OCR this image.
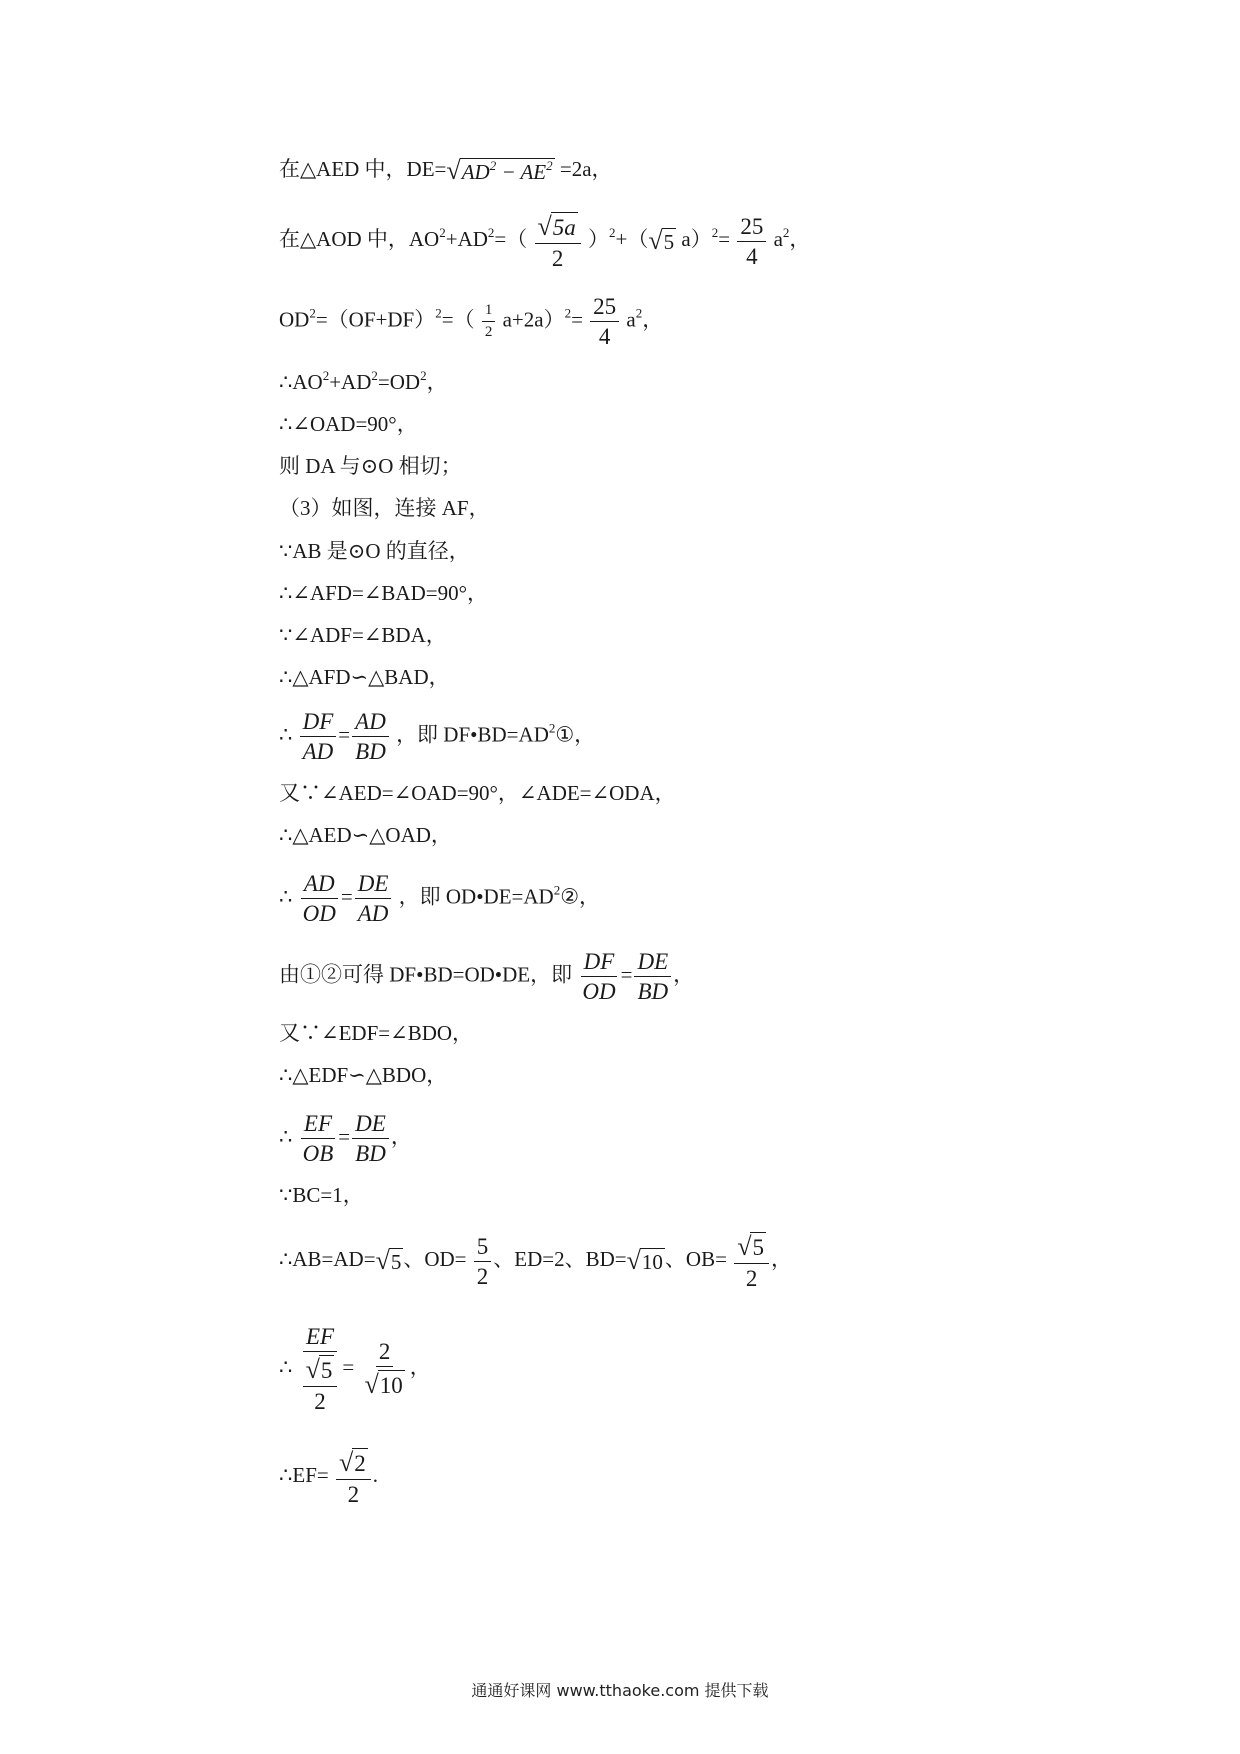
在△AED 中，DE= √ $AD^2 - AE^2 =2a$，
在△AOD 中，$AO^2+AD^2=( \frac{√ 5a}{2} )^2+$（ √ 5 $a)^2= \frac{25}{4} a^2$，
$OD^2=(OF+DF)^2=( \frac{1}{2} a+2a)^2= \frac{25}{4} a^2$，
$\therefore AO^2+AD^2=OD^2$，
∴∠OAD=90°，
则 DA 与⊙O 相切；
（3）如图，连接 AF，
∵AB 是⊙O 的直径，
∴∠AFD=∠BAD=90°，
∵∠ADF=∠BDA，
∴△AFD∽△BAD，
∴ $\frac{DF}{AD} = \frac{AD}{BD}$ ，即 $DF•BD=AD^2①$，
又∵∠AED=∠OAD=90°，∠ADE=∠ODA，
∴△AED∽△OAD，
∴ $\frac{AD}{OD} = \frac{DE}{AD}$ ，即 $OD•DE=AD^2②$，
由①②可得 DF•BD=OD•DE，即 $\frac{DF}{OD} = \frac{DE}{BD}$ ，
又∵∠EDF=∠BDO，
∴△EDF∽△BDO，
∴ $\frac{EF}{OB} = \frac{DE}{BD}$ ，
∵BC=1，
∴AB=AD= √ 5 、$OD= \frac{5}{2}$ 、ED=2、BD= √ 10 、$OB= \frac{√ 5}{2}$ ，
∴ $\frac{EF}{\frac{√ 5}{2}} = \frac{2}{√ 10}$ ，
∴EF= $\frac{√ 2}{2}$ .
通通好课网 www.tthaoke.com 提供下载
